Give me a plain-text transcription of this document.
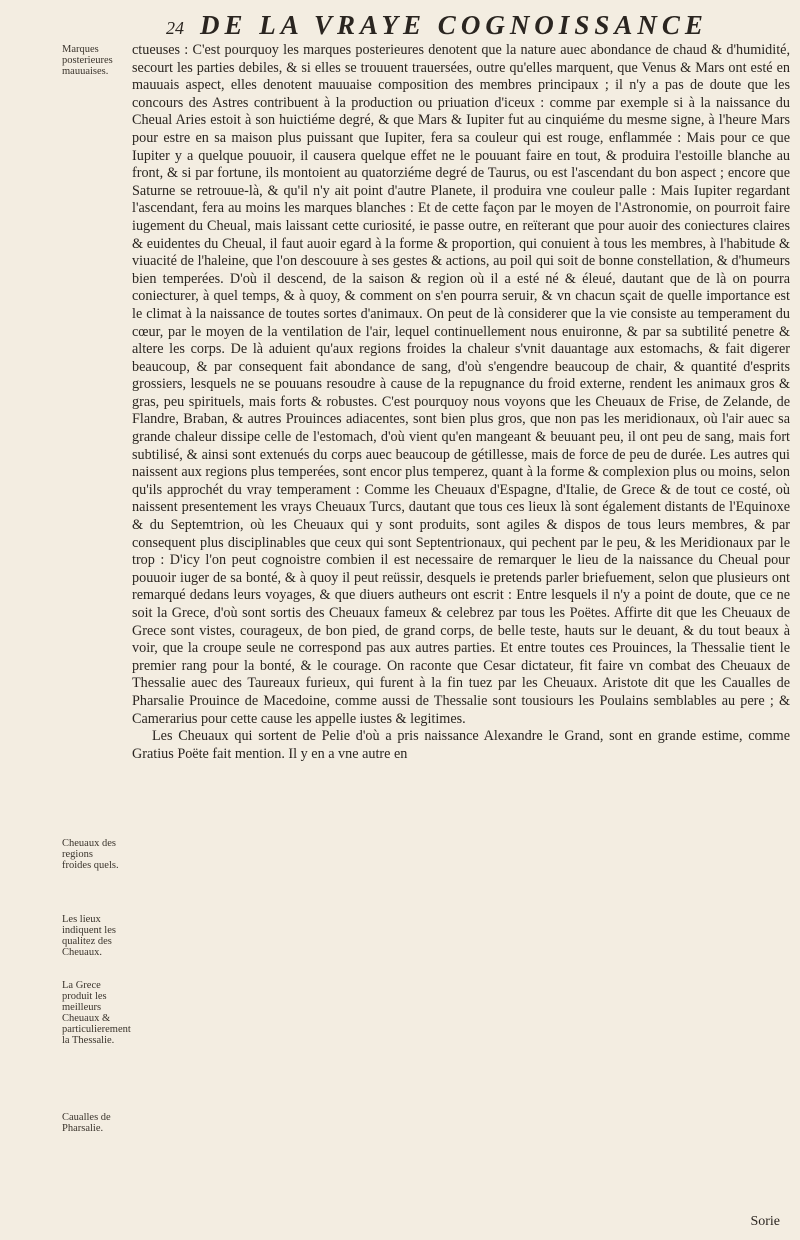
24 DE LA VRAYE COGNOISSANCE
Marques posterieures mauuaises.
Cheuaux des regions froides quels.
Les lieux indiquent les qualitez des Cheuaux.
La Grece produit les meilleurs Cheuaux & particulierement la Thessalie.
Caualles de Pharsalie.

ctueuses : C'est pourquoy les marques posterieures denotent que la nature auec abondance de chaud & d'humidité, secourt les parties debiles, & si elles se trouuent trauersées, outre qu'elles marquent, que Venus & Mars ont esté en mauuais aspect, elles denotent mauuaise composition des membres principaux ; il n'y a pas de doute que les concours des Astres contribuent à la production ou priuation d'iceux : comme par exemple si à la naissance du Cheual Aries estoit à son huictiéme degré, & que Mars & Iupiter fut au cinquiéme du mesme signe, à l'heure Mars pour estre en sa maison plus puissant que Iupiter, fera sa couleur qui est rouge, enflammée : Mais pour ce que Iupiter y a quelque pouuoir, il causera quelque effet ne le pouuant faire en tout, & produira l'estoille blanche au front, & si par fortune, ils montoient au quatorziéme degré de Taurus, ou est l'ascendant du bon aspect ; encore que Saturne se retrouue-là, & qu'il n'y ait point d'autre Planete, il produira vne couleur palle : Mais Iupiter regardant l'ascendant, fera au moins les marques blanches : Et de cette façon par le moyen de l'Astronomie, on pourroit faire iugement du Cheual, mais laissant cette curiosité, ie passe outre, en reïterant que pour auoir des coniectures claires & euidentes du Cheual, il faut auoir egard à la forme & proportion, qui conuient à tous les membres, à l'habitude & viuacité de l'haleine, que l'on descouure à ses gestes & actions, au poil qui soit de bonne constellation, & d'humeurs bien temperées. D'où il descend, de la saison & region où il a esté né & éleué, dautant que de là on pourra coniecturer, à quel temps, & à quoy, & comment on s'en pourra seruir, & vn chacun sçait de quelle importance est le climat à la naissance de toutes sortes d'animaux. On peut de là considerer que la vie consiste au temperament du cœur, par le moyen de la ventilation de l'air, lequel continuellement nous enuironne, & par sa subtilité penetre & altere les corps. De là aduient qu'aux regions froides la chaleur s'vnit dauantage aux estomachs, & fait digerer beaucoup, & par consequent fait abondance de sang, d'où s'engendre beaucoup de chair, & quantité d'esprits grossiers, lesquels ne se pouuans resoudre à cause de la repugnance du froid externe, rendent les animaux gros & gras, peu spirituels, mais forts & robustes. C'est pourquoy nous voyons que les Cheuaux de Frise, de Zelande, de Flandre, Braban, & autres Prouinces adiacentes, sont bien plus gros, que non pas les meridionaux, où l'air auec sa grande chaleur dissipe celle de l'estomach, d'où vient qu'en mangeant & beuuant peu, il ont peu de sang, mais fort subtilisé, & ainsi sont extenués du corps auec beaucoup de gétillesse, mais de force de peu de durée. Les autres qui naissent aux regions plus temperées, sont encor plus temperez, quant à la forme & complexion plus ou moins, selon qu'ils approchét du vray temperament : Comme les Cheuaux d'Espagne, d'Italie, de Grece & de tout ce costé, où naissent presentement les vrays Cheuaux Turcs, dautant que tous ces lieux là sont également distants de l'Equinoxe & du Septemtrion, où les Cheuaux qui y sont produits, sont agiles & dispos de tous leurs membres, & par consequent plus disciplinables que ceux qui sont Septentrionaux, qui pechent par le peu, & les Meridionaux par le trop : D'icy l'on peut cognoistre combien il est necessaire de remarquer le lieu de la naissance du Cheual pour pouuoir iuger de sa bonté, & à quoy il peut reüssir, desquels ie pretends parler briefuement, selon que plusieurs ont remarqué dedans leurs voyages, & que diuers autheurs ont escrit : Entre lesquels il n'y a point de doute, que ce ne soit la Grece, d'où sont sortis des Cheuaux fameux & celebrez par tous les Poëtes. Affirte dit que les Cheuaux de Grece sont vistes, courageux, de bon pied, de grand corps, de belle teste, hauts sur le deuant, & du tout beaux à voir, que la croupe seule ne correspond pas aux autres parties. Et entre toutes ces Prouinces, la Thessalie tient le premier rang pour la bonté, & le courage. On raconte que Cesar dictateur, fit faire vn combat des Cheuaux de Thessalie auec des Taureaux furieux, qui furent à la fin tuez par les Cheuaux. Aristote dit que les Caualles de Pharsalie Prouince de Macedoine, comme aussi de Thessalie sont tousiours les Poulains semblables au pere ; & Camerarius pour cette cause les appelle iustes & legitimes.

Les Cheuaux qui sortent de Pelie d'où a pris naissance Alexandre le Grand, sont en grande estime, comme Gratius Poëte fait mention. Il y en a vne autre en

Sorie
